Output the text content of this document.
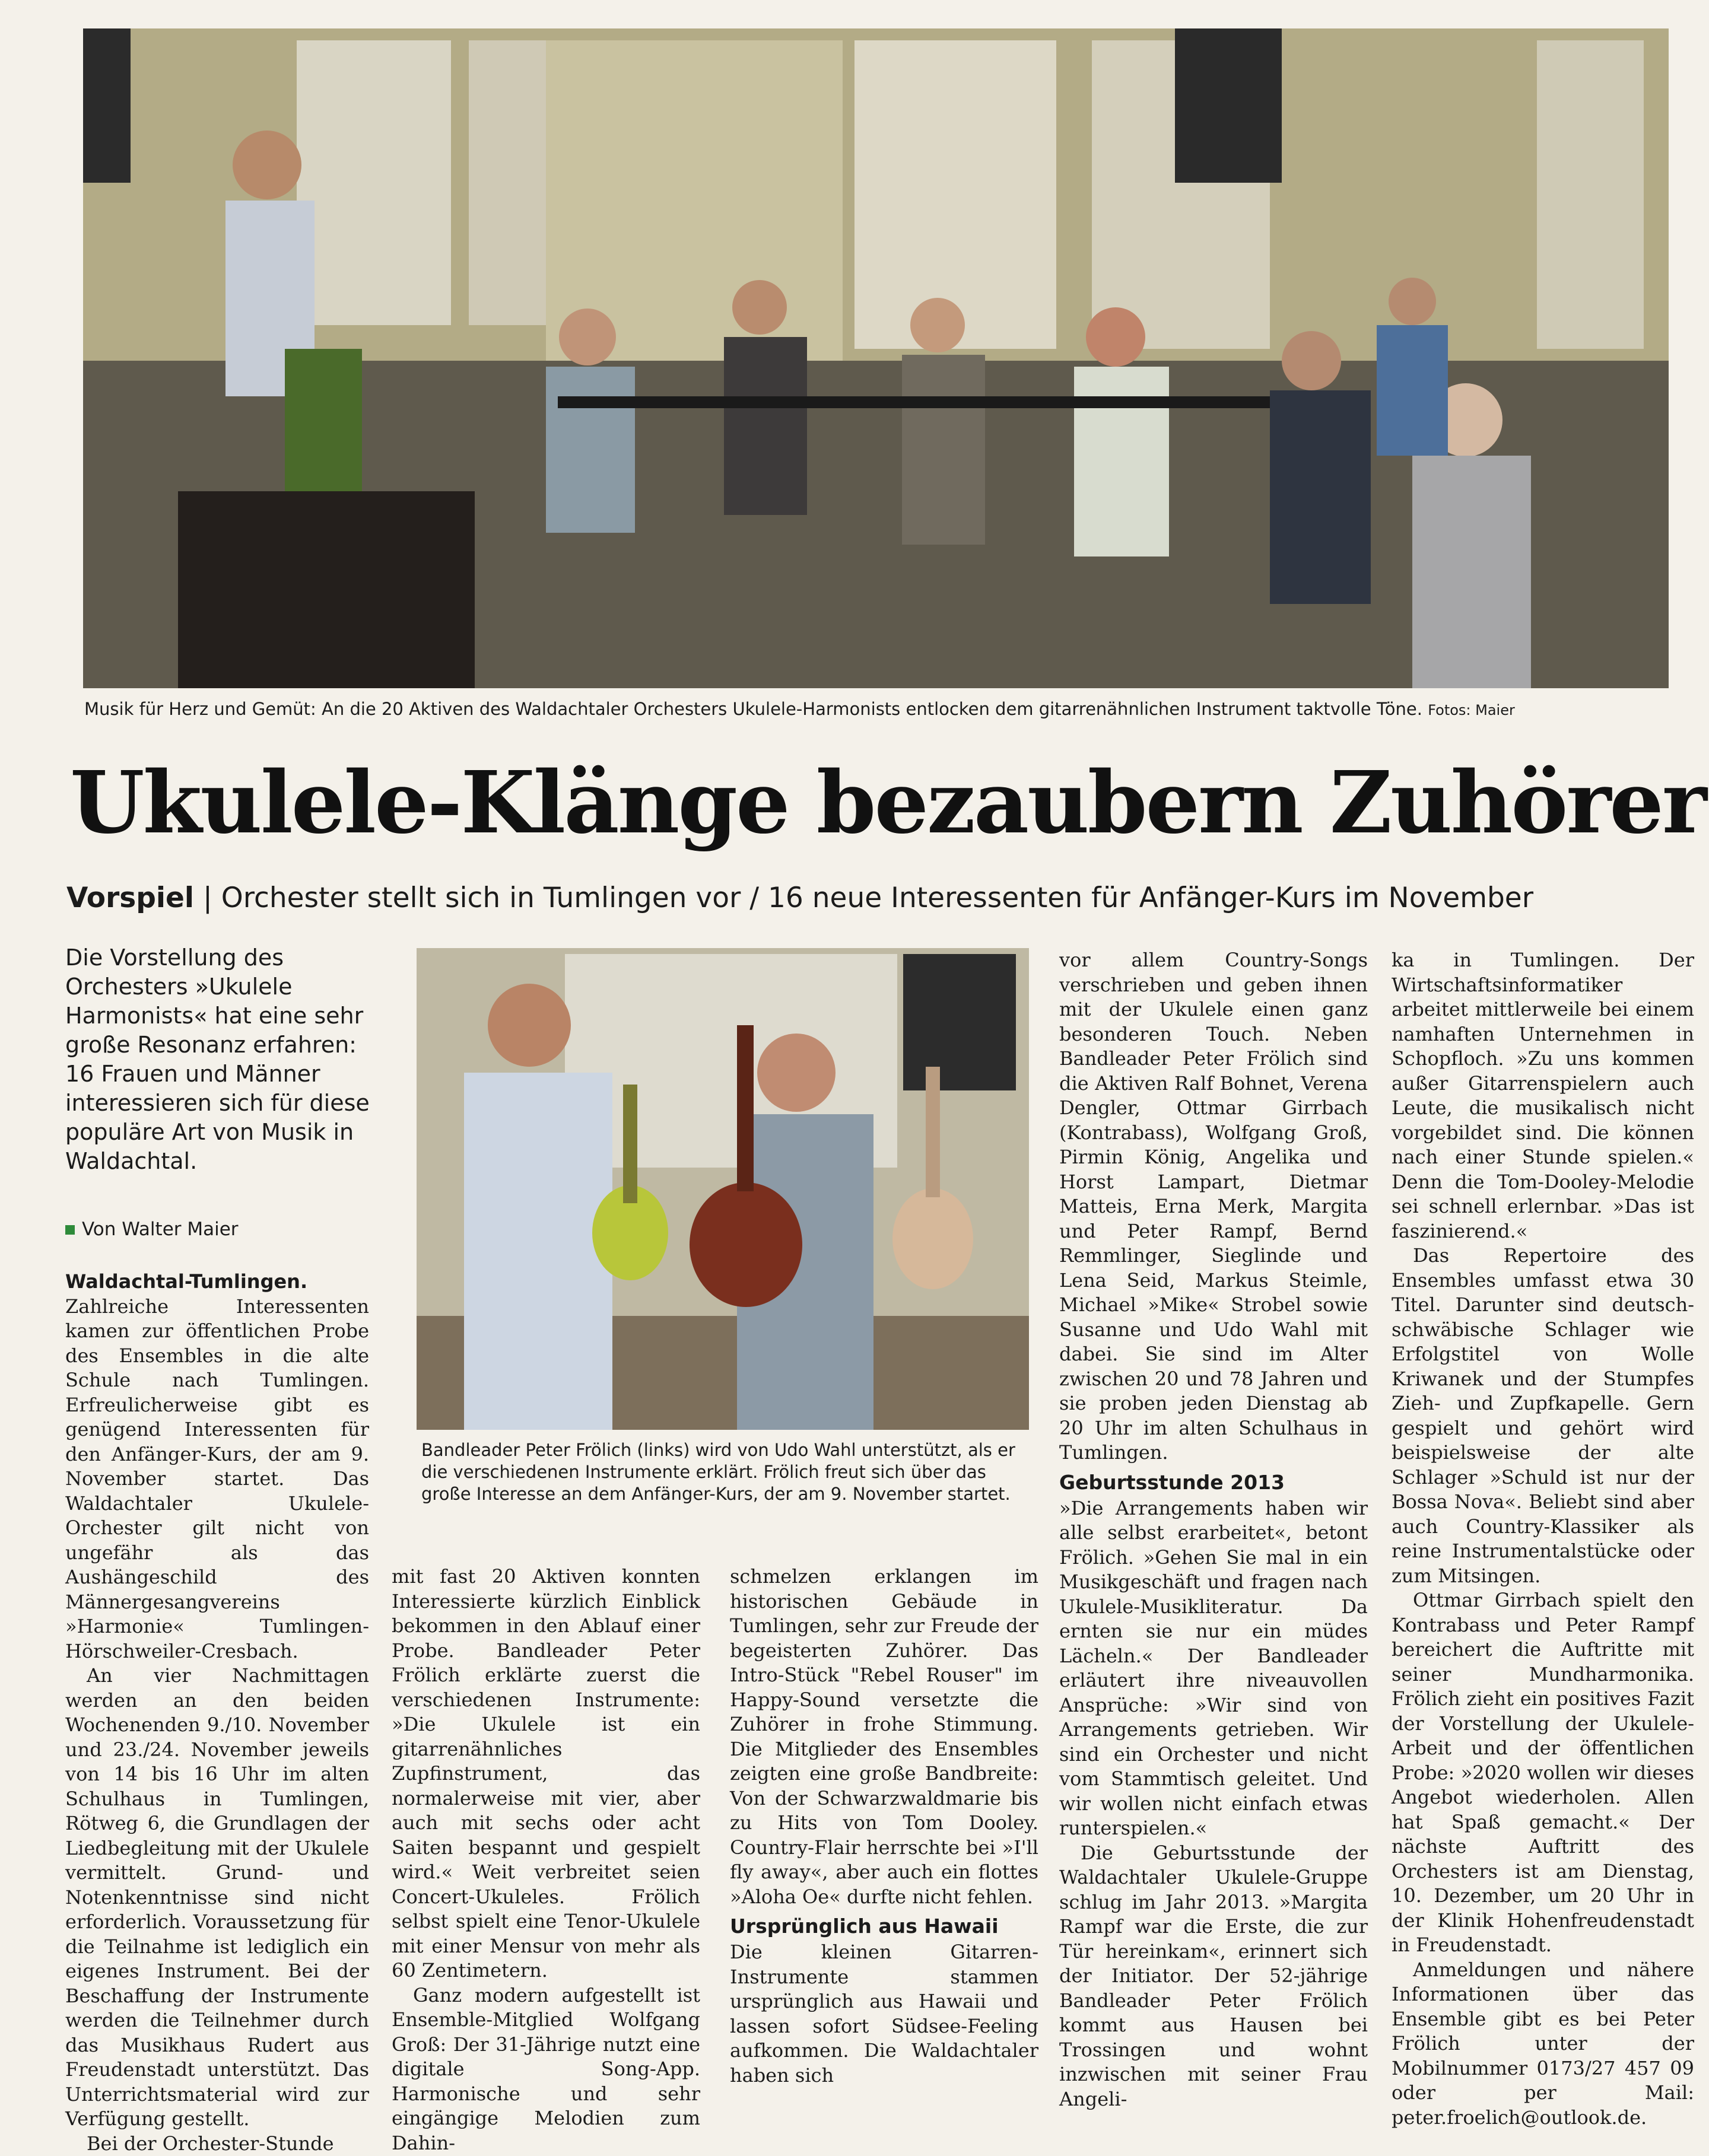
Musik für Herz und Gemüt: An die 20 Aktiven des Waldachtaler Orchesters Ukulele-Harmonists entlocken dem gitarrenähnlichen Instrument taktvolle Töne. Fotos: Maier
Ukulele-Klänge bezaubern Zuhörer
Vorspiel | Orchester stellt sich in Tumlingen vor / 16 neue Interessenten für Anfänger-Kurs im November
Die Vorstellung des Orchesters »Ukulele Harmonists« hat eine sehr große Resonanz erfahren: 16 Frauen und Männer interessieren sich für diese populäre Art von Musik in Waldachtal.
Von Walter Maier
Bandleader Peter Frölich (links) wird von Udo Wahl unterstützt, als er die verschiedenen Instrumente erklärt. Frölich freut sich über das große Interesse an dem Anfänger-Kurs, der am 9. November startet.

Waldachtal-Tumlingen. Zahlreiche Interessenten kamen zur öffentlichen Probe des Ensembles in die alte Schule nach Tumlingen. Erfreulicherweise gibt es genügend Interessenten für den Anfänger-Kurs, der am 9. November startet. Das Waldachtaler Ukulele-Orchester gilt nicht von ungefähr als das Aushängeschild des Männergesangvereins »Harmonie« Tumlingen-Hörschweiler-Cresbach.

An vier Nachmittagen werden an den beiden Wochenenden 9./10. November und 23./24. November jeweils von 14 bis 16 Uhr im alten Schulhaus in Tumlingen, Rötweg 6, die Grundlagen der Liedbegleitung mit der Ukulele vermittelt. Grund- und Notenkenntnisse sind nicht erforderlich. Voraussetzung für die Teilnahme ist lediglich ein eigenes Instrument. Bei der Beschaffung der Instrumente werden die Teilnehmer durch das Musikhaus Rudert aus Freudenstadt unterstützt. Das Unterrichtsmaterial wird zur Verfügung gestellt.

Bei der Orchester-Stunde

mit fast 20 Aktiven konnten Interessierte kürzlich Einblick bekommen in den Ablauf einer Probe. Bandleader Peter Frölich erklärte zuerst die verschiedenen Instrumente: »Die Ukulele ist ein gitarrenähnliches Zupfinstrument, das normalerweise mit vier, aber auch mit sechs oder acht Saiten bespannt und gespielt wird.« Weit verbreitet seien Concert-Ukuleles. Frölich selbst spielt eine Tenor-Ukulele mit einer Mensur von mehr als 60 Zentimetern.

Ganz modern aufgestellt ist Ensemble-Mitglied Wolfgang Groß: Der 31-Jährige nutzt eine digitale Song-App. Harmonische und sehr eingängige Melodien zum Dahin-

schmelzen erklangen im historischen Gebäude in Tumlingen, sehr zur Freude der begeisterten Zuhörer. Das Intro-Stück "Rebel Rouser" im Happy-Sound versetzte die Zuhörer in frohe Stimmung. Die Mitglieder des Ensembles zeigten eine große Bandbreite: Von der Schwarzwaldmarie bis zu Hits von Tom Dooley. Country-Flair herrschte bei »I'll fly away«, aber auch ein flottes »Aloha Oe« durfte nicht fehlen.

Ursprünglich aus Hawaii

Die kleinen Gitarren-Instrumente stammen ursprünglich aus Hawaii und lassen sofort Südsee-Feeling aufkommen. Die Waldachtaler haben sich

vor allem Country-Songs verschrieben und geben ihnen mit der Ukulele einen ganz besonderen Touch. Neben Bandleader Peter Frölich sind die Aktiven Ralf Bohnet, Verena Dengler, Ottmar Girrbach (Kontrabass), Wolfgang Groß, Pirmin König, Angelika und Horst Lampart, Dietmar Matteis, Erna Merk, Margita und Peter Rampf, Bernd Remmlinger, Sieglinde und Lena Seid, Markus Steimle, Michael »Mike« Strobel sowie Susanne und Udo Wahl mit dabei. Sie sind im Alter zwischen 20 und 78 Jahren und sie proben jeden Dienstag ab 20 Uhr im alten Schulhaus in Tumlingen.

Geburtsstunde 2013

»Die Arrangements haben wir alle selbst erarbeitet«, betont Frölich. »Gehen Sie mal in ein Musikgeschäft und fragen nach Ukulele-Musikliteratur. Da ernten sie nur ein müdes Lächeln.« Der Bandleader erläutert ihre niveauvollen Ansprüche: »Wir sind von Arrangements getrieben. Wir sind ein Orchester und nicht vom Stammtisch geleitet. Und wir wollen nicht einfach etwas runterspielen.«

Die Geburtsstunde der Waldachtaler Ukulele-Gruppe schlug im Jahr 2013. »Margita Rampf war die Erste, die zur Tür hereinkam«, erinnert sich der Initiator. Der 52-jährige Bandleader Peter Frölich kommt aus Hausen bei Trossingen und wohnt inzwischen mit seiner Frau Angeli-

ka in Tumlingen. Der Wirtschaftsinformatiker arbeitet mittlerweile bei einem namhaften Unternehmen in Schopfloch. »Zu uns kommen außer Gitarrenspielern auch Leute, die musikalisch nicht vorgebildet sind. Die können nach einer Stunde spielen.« Denn die Tom-Dooley-Melodie sei schnell erlernbar. »Das ist faszinierend.«

Das Repertoire des Ensembles umfasst etwa 30 Titel. Darunter sind deutsch-schwäbische Schlager wie Erfolgstitel von Wolle Kriwanek und der Stumpfes Zieh- und Zupfkapelle. Gern gespielt und gehört wird beispielsweise der alte Schlager »Schuld ist nur der Bossa Nova«. Beliebt sind aber auch Country-Klassiker als reine Instrumentalstücke oder zum Mitsingen.

Ottmar Girrbach spielt den Kontrabass und Peter Rampf bereichert die Auftritte mit seiner Mundharmonika. Frölich zieht ein positives Fazit der Vorstellung der Ukulele-Arbeit und der öffentlichen Probe: »2020 wollen wir dieses Angebot wiederholen. Allen hat Spaß gemacht.« Der nächste Auftritt des Orchesters ist am Dienstag, 10. Dezember, um 20 Uhr in der Klinik Hohenfreudenstadt in Freudenstadt.

Anmeldungen und nähere Informationen über das Ensemble gibt es bei Peter Frölich unter der Mobilnummer 0173/27 457 09 oder per Mail: peter.froelich@outlook.de.
